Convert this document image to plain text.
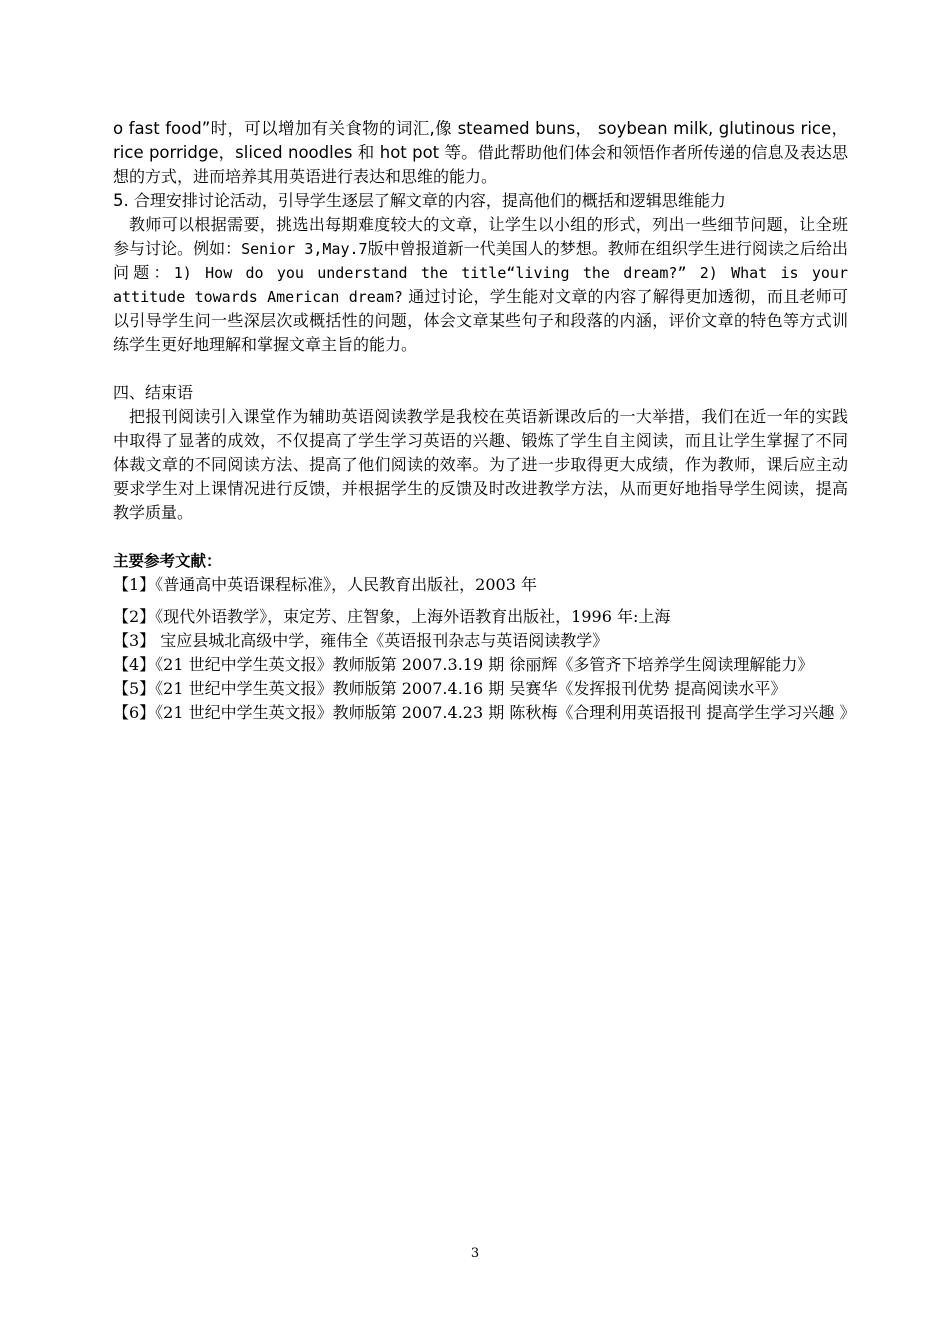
o fast food”时，可以增加有关食物的词汇,像 steamed buns， soybean milk, glutinous rice，rice porridge，sliced noodles 和 hot pot 等。借此帮助他们体会和领悟作者所传递的信息及表达思想的方式，进而培养其用英语进行表达和思维的能力。

5. 合理安排讨论活动，引导学生逐层了解文章的内容，提高他们的概括和逻辑思维能力

教师可以根据需要，挑选出每期难度较大的文章，让学生以小组的形式，列出一些细节问题，让全班参与讨论。例如：Senior 3,May.7版中曾报道新一代美国人的梦想。教师在组织学生进行阅读之后给出问题：1) How do you understand the title“living the dream?” 2) What is your attitude towards American dream? 通过讨论，学生能对文章的内容了解得更加透彻，而且老师可以引导学生问一些深层次或概括性的问题，体会文章某些句子和段落的内涵，评价文章的特色等方式训练学生更好地理解和掌握文章主旨的能力。

四、结束语

把报刊阅读引入课堂作为辅助英语阅读教学是我校在英语新课改后的一大举措，我们在近一年的实践中取得了显著的成效，不仅提高了学生学习英语的兴趣、锻炼了学生自主阅读，而且让学生掌握了不同体裁文章的不同阅读方法、提高了他们阅读的效率。为了进一步取得更大成绩，作为教师，课后应主动要求学生对上课情况进行反馈，并根据学生的反馈及时改进教学方法，从而更好地指导学生阅读，提高教学质量。

主要参考文献：

【1】《普通高中英语课程标准》，人民教育出版社，2003 年

【2】《现代外语教学》，束定芳、庄智象，上海外语教育出版社，1996 年:上海

【3】 宝应县城北高级中学，雍伟全《英语报刊杂志与英语阅读教学》

【4】《21 世纪中学生英文报》教师版第 2007.3.19 期 徐丽辉《多管齐下培养学生阅读理解能力》

【5】《21 世纪中学生英文报》教师版第 2007.4.16 期 吴赛华《发挥报刊优势 提高阅读水平》

【6】《21 世纪中学生英文报》教师版第 2007.4.23 期 陈秋梅《合理利用英语报刊 提高学生学习兴趣 》

3
